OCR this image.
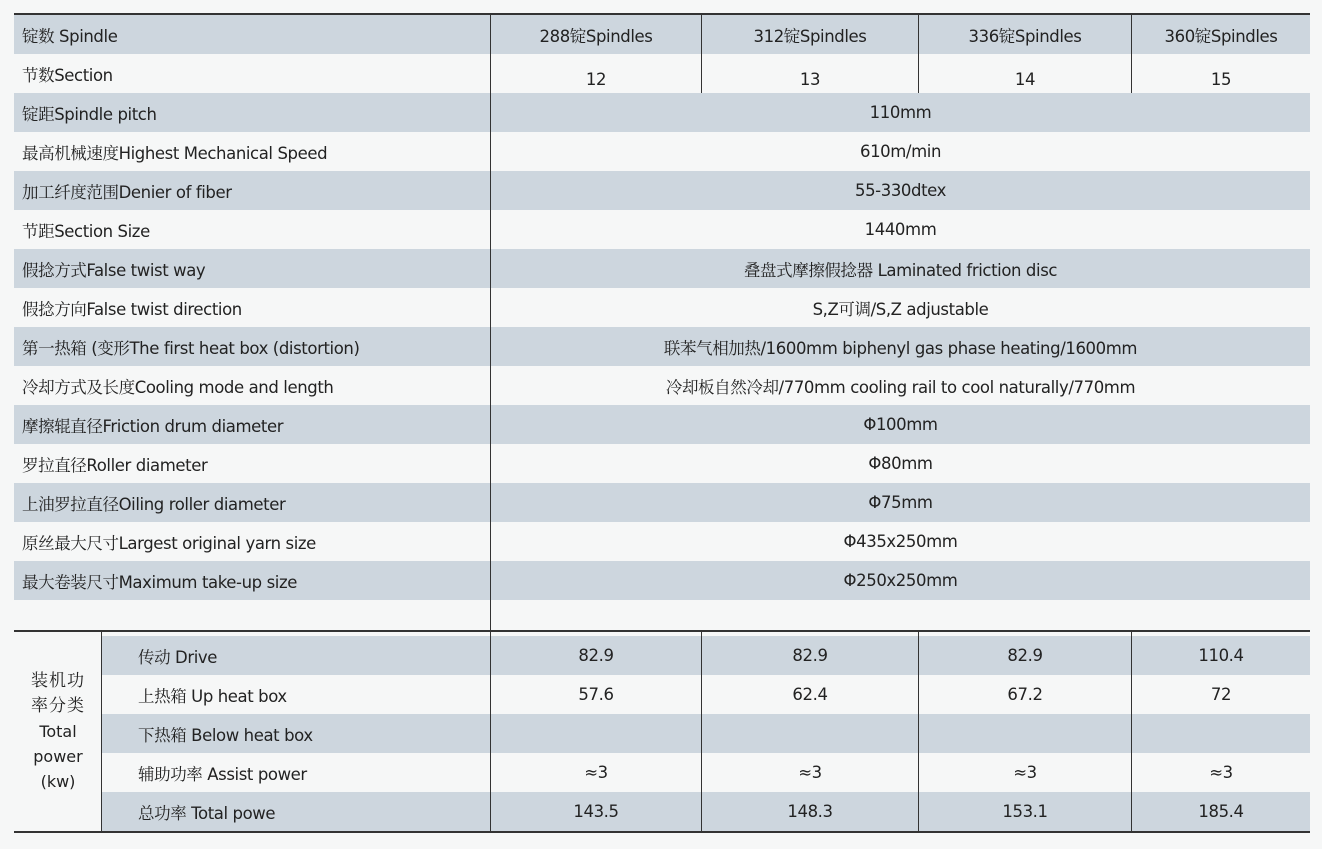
锭数 Spindle	288锭Spindles	312锭Spindles	336锭Spindles	360锭Spindles
节数Section	12	13	14	15
锭距Spindle pitch	110mm
最高机械速度Highest Mechanical Speed	610m/min
加工纤度范围Denier of fiber	55-330dtex
节距Section Size	1440mm
假捻方式False twist way	叠盘式摩擦假捻器 Laminated friction disc
假捻方向False twist direction	S,Z可调/S,Z adjustable
第一热箱 (变形The first heat box (distortion)	联苯气相加热/1600mm biphenyl gas phase heating/1600mm
冷却方式及长度Cooling mode and length	冷却板自然冷却/770mm cooling rail to cool naturally/770mm
摩擦辊直径Friction drum diameter	Φ100mm
罗拉直径Roller diameter	Φ80mm
上油罗拉直径Oiling roller diameter	Φ75mm
原丝最大尺寸Largest original yarn size	Φ435x250mm
最大卷装尺寸Maximum take-up size	Φ250x250mm
传动 Drive	82.9	82.9	82.9	110.4
上热箱 Up heat box	57.6	62.4	67.2	72
下热箱 Below heat box
辅助功率 Assist power	≈3	≈3	≈3	≈3
总功率 Total powe	143.5	148.3	153.1	185.4
装机功
率分类
Total
power
(kw)
